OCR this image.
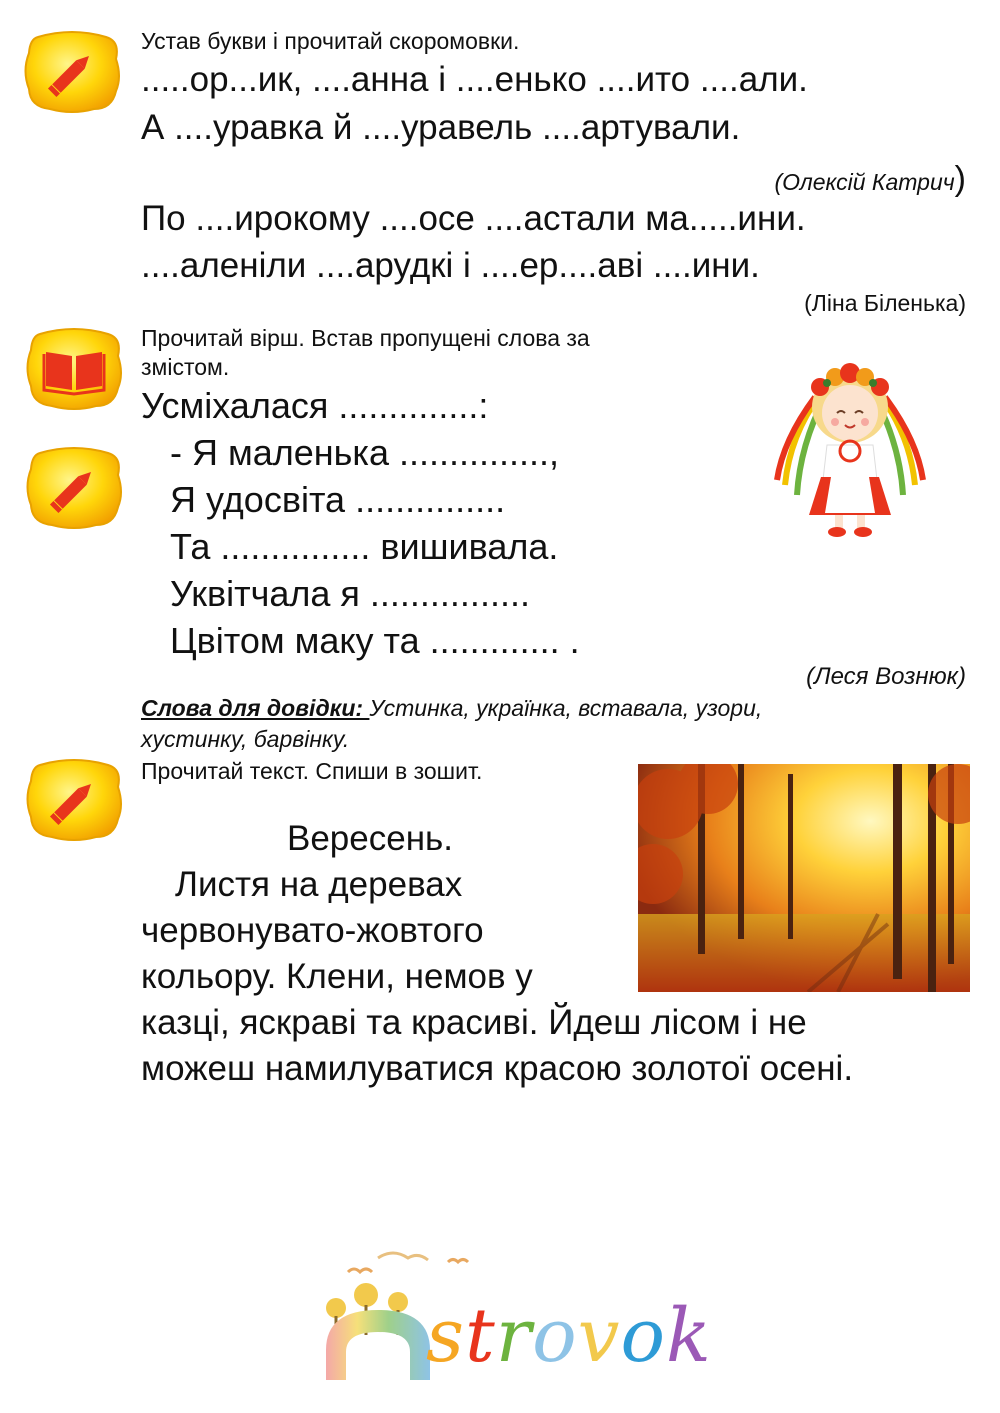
Устав букви і прочитай скоромовки.
.....ор...ик, ....анна і ....енько ....ито ....али.
А ....уравка й ....уравель ....артували.
(Олексій Катрич)
По ....ирокому ....осе ....астали ма.....ини.
....аленіли ....арудкі і ....ер....аві ....ини.
(Ліна Біленька)
Прочитай вірш. Встав пропущені слова за
змістом.
Усміхалася ..............:
- Я маленька ...............,
Я удосвіта ...............
Та ............... вишивала.
Уквітчала я ................
Цвітом маку та ............. .
(Леся Вознюк)
Слова для довідки: Устинка, українка, вставала, узори,
хустинку, барвінку.
Прочитай текст. Спиши в зошит.
Вересень.
Листя на деревах
червонувато-жовтого
кольору. Клени, немов у
казці, яскраві та красиві. Йдеш лісом і не
можеш намилуватися красою золотої осені.
strovok
